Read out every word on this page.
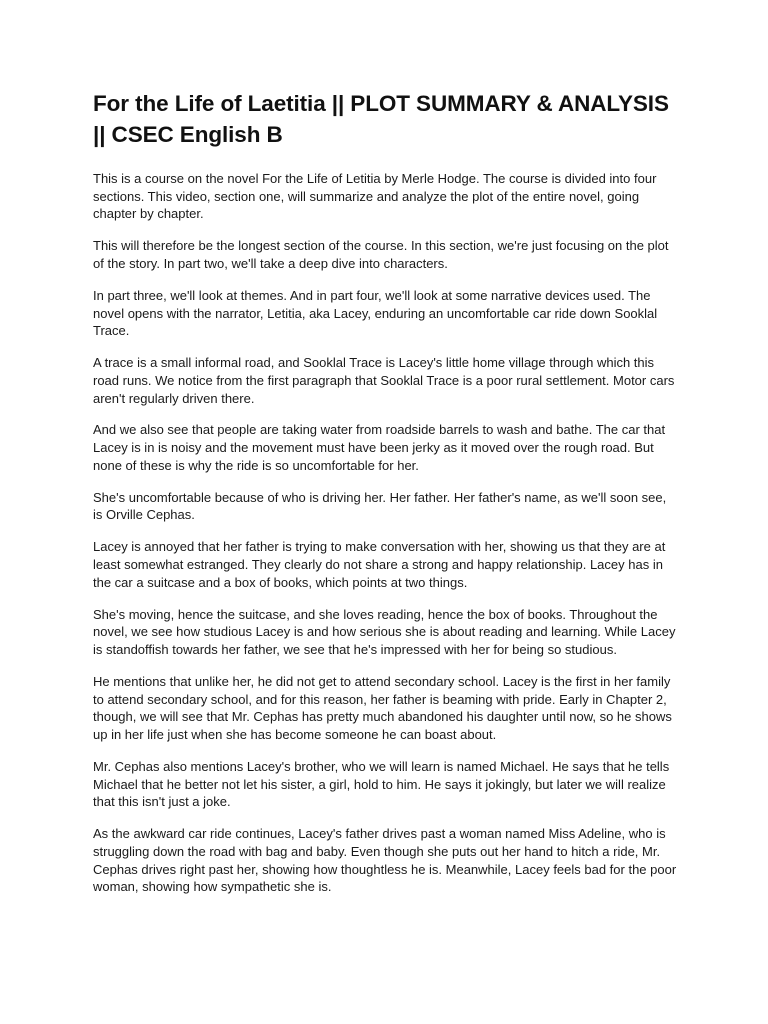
For the Life of Laetitia || PLOT SUMMARY & ANALYSIS || CSEC English B

This is a course on the novel For the Life of Letitia by Merle Hodge. The course is divided into four sections. This video, section one, will summarize and analyze the plot of the entire novel, going chapter by chapter.

This will therefore be the longest section of the course. In this section, we're just focusing on the plot of the story. In part two, we'll take a deep dive into characters.

In part three, we'll look at themes. And in part four, we'll look at some narrative devices used. The novel opens with the narrator, Letitia, aka Lacey, enduring an uncomfortable car ride down Sooklal Trace.

A trace is a small informal road, and Sooklal Trace is Lacey's little home village through which this road runs. We notice from the first paragraph that Sooklal Trace is a poor rural settlement. Motor cars aren't regularly driven there.

And we also see that people are taking water from roadside barrels to wash and bathe. The car that Lacey is in is noisy and the movement must have been jerky as it moved over the rough road. But none of these is why the ride is so uncomfortable for her.

She's uncomfortable because of who is driving her. Her father. Her father's name, as we'll soon see, is Orville Cephas.

Lacey is annoyed that her father is trying to make conversation with her, showing us that they are at least somewhat estranged. They clearly do not share a strong and happy relationship. Lacey has in the car a suitcase and a box of books, which points at two things.

She's moving, hence the suitcase, and she loves reading, hence the box of books. Throughout the novel, we see how studious Lacey is and how serious she is about reading and learning. While Lacey is standoffish towards her father, we see that he's impressed with her for being so studious.

He mentions that unlike her, he did not get to attend secondary school. Lacey is the first in her family to attend secondary school, and for this reason, her father is beaming with pride. Early in Chapter 2, though, we will see that Mr. Cephas has pretty much abandoned his daughter until now, so he shows up in her life just when she has become someone he can boast about.

Mr. Cephas also mentions Lacey's brother, who we will learn is named Michael. He says that he tells Michael that he better not let his sister, a girl, hold to him. He says it jokingly, but later we will realize that this isn't just a joke.

As the awkward car ride continues, Lacey's father drives past a woman named Miss Adeline, who is struggling down the road with bag and baby. Even though she puts out her hand to hitch a ride, Mr. Cephas drives right past her, showing how thoughtless he is. Meanwhile, Lacey feels bad for the poor woman, showing how sympathetic she is.
